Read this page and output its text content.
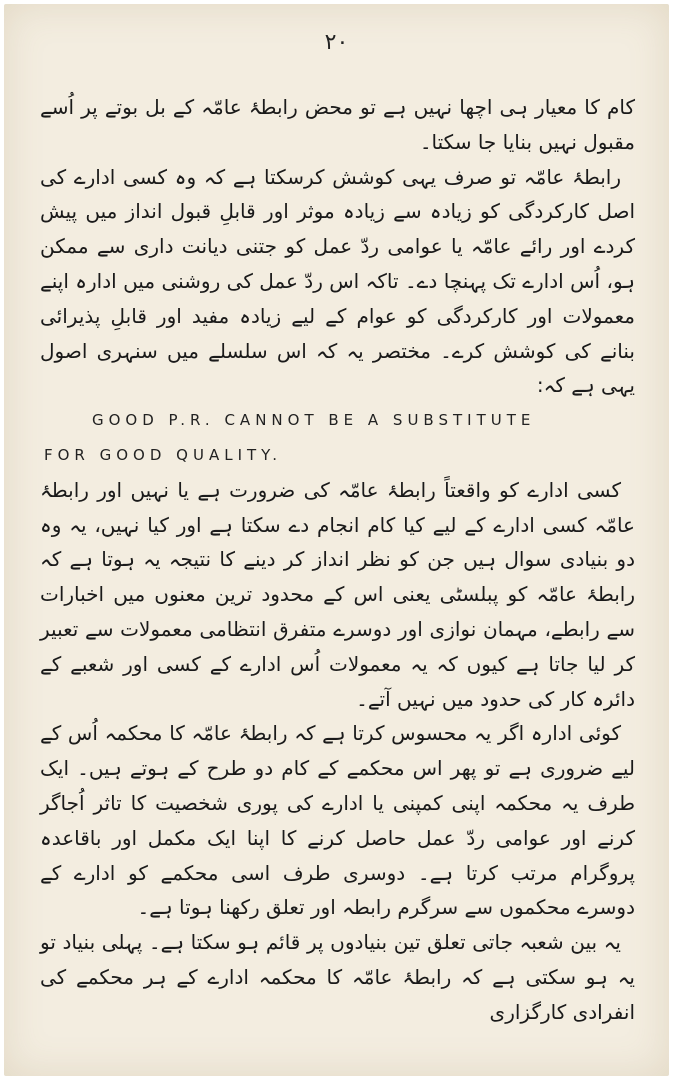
۲۰

کام کا معیار ہی اچھا نہیں ہے تو محض رابطۂ عامّہ کے بل بوتے پر اُسے مقبول نہیں بنایا جا سکتا۔

رابطۂ عامّہ تو صرف یہی کوشش کرسکتا ہے کہ وہ کسی ادارے کی اصل کارکردگی کو زیادہ سے زیادہ موثر اور قابلِ قبول انداز میں پیش کردے اور رائے عامّہ یا عوامی ردّ عمل کو جتنی دیانت داری سے ممکن ہو، اُس ادارے تک پہنچا دے۔ تاکہ اس ردّ عمل کی روشنی میں ادارہ اپنے معمولات اور کارکردگی کو عوام کے لیے زیادہ مفید اور قابلِ پذیرائی بنانے کی کوشش کرے۔ مختصر یہ کہ اس سلسلے میں سنہری اصول یہی ہے کہ:

GOOD P.R. CANNOT BE A SUBSTITUTE

FOR GOOD QUALITY.

کسی ادارے کو واقعتاً رابطۂ عامّہ کی ضرورت ہے یا نہیں اور رابطۂ عامّہ کسی ادارے کے لیے کیا کام انجام دے سکتا ہے اور کیا نہیں، یہ وہ دو بنیادی سوال ہیں جن کو نظر انداز کر دینے کا نتیجہ یہ ہوتا ہے کہ رابطۂ عامّہ کو پبلسٹی یعنی اس کے محدود ترین معنوں میں اخبارات سے رابطے، مہمان نوازی اور دوسرے متفرق انتظامی معمولات سے تعبیر کر لیا جاتا ہے کیوں کہ یہ معمولات اُس ادارے کے کسی اور شعبے کے دائرہ کار کی حدود میں نہیں آتے۔

کوئی ادارہ اگر یہ محسوس کرتا ہے کہ رابطۂ عامّہ کا محکمہ اُس کے لیے ضروری ہے تو پھر اس محکمے کے کام دو طرح کے ہوتے ہیں۔ ایک طرف یہ محکمہ اپنی کمپنی یا ادارے کی پوری شخصیت کا تاثر اُجاگر کرنے اور عوامی ردّ عمل حاصل کرنے کا اپنا ایک مکمل اور باقاعدہ پروگرام مرتب کرتا ہے۔ دوسری طرف اسی محکمے کو ادارے کے دوسرے محکموں سے سرگرم رابطہ اور تعلق رکھنا ہوتا ہے۔

یہ بین شعبہ جاتی تعلق تین بنیادوں پر قائم ہو سکتا ہے۔ پہلی بنیاد تو یہ ہو سکتی ہے کہ رابطۂ عامّہ کا محکمہ ادارے کے ہر محکمے کی انفرادی کارگزاری
